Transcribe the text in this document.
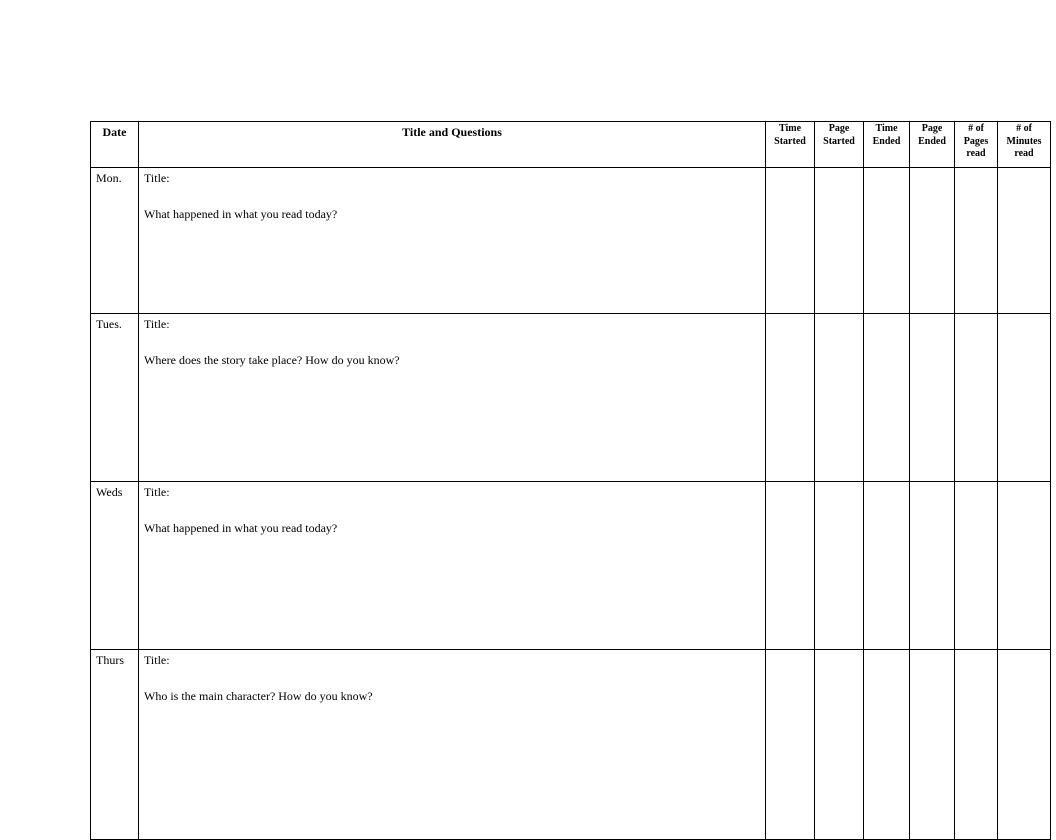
Date	Title and Questions	Time Started	Page Started	Time Ended	Page Ended	# of Pages read	# of Minutes read
Mon.	Title:
What happened in what you read today?						

Tues.	Title:
Where does the story take place? How do you know?						

Weds	Title:
What happened in what you read today?						

Thurs	Title:
Who is the main character? How do you know?						
